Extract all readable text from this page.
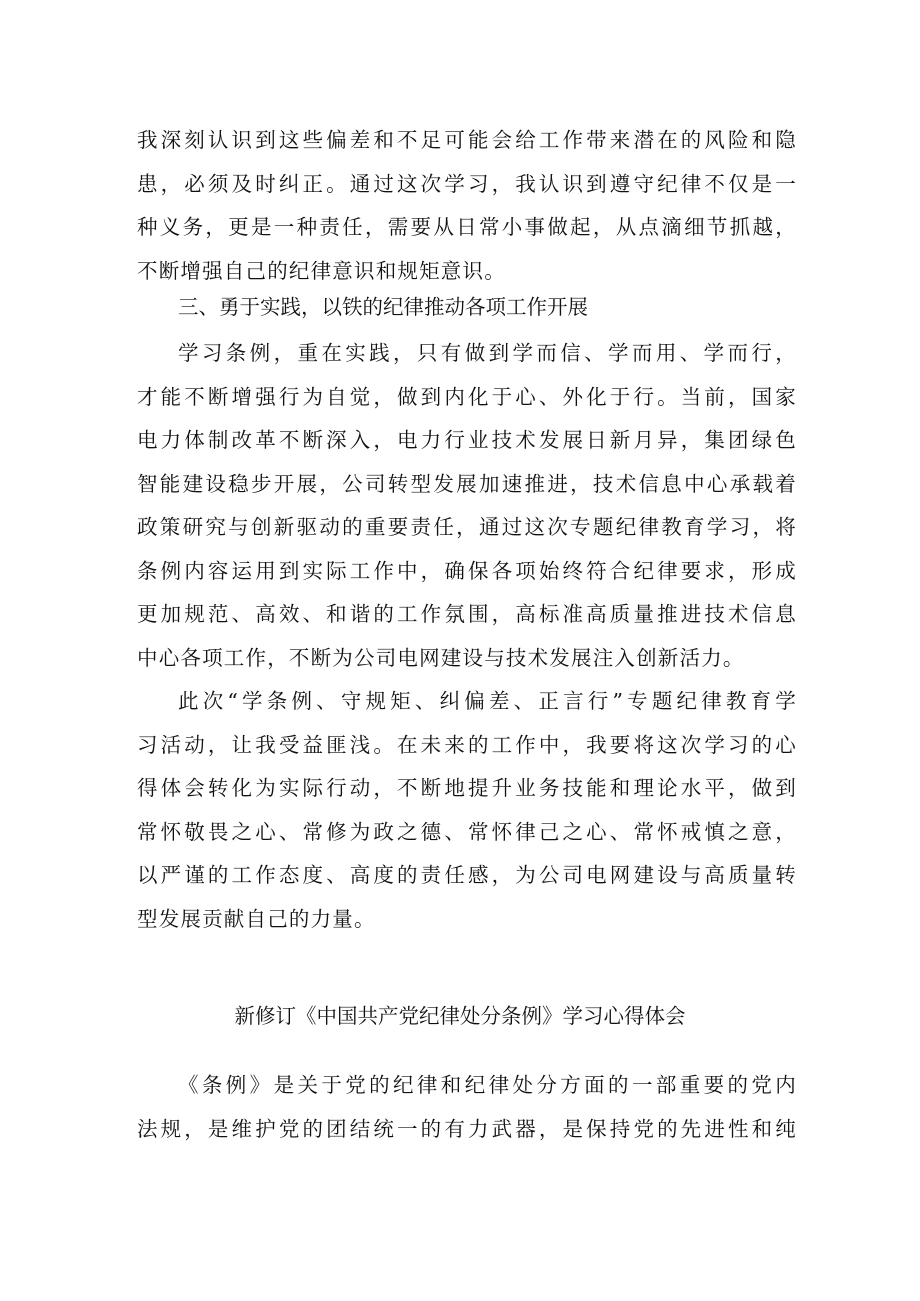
我深刻认识到这些偏差和不足可能会给工作带来潜在的风险和隐
患，必须及时纠正。通过这次学习，我认识到遵守纪律不仅是一
种义务，更是一种责任，需要从日常小事做起，从点滴细节抓越，
不断增强自己的纪律意识和规矩意识。
三、勇于实践，以铁的纪律推动各项工作开展
学习条例，重在实践，只有做到学而信、学而用、学而行，
才能不断增强行为自觉，做到内化于心、外化于行。当前，国家
电力体制改革不断深入，电力行业技术发展日新月异，集团绿色
智能建设稳步开展，公司转型发展加速推进，技术信息中心承载着
政策研究与创新驱动的重要责任，通过这次专题纪律教育学习，将
条例内容运用到实际工作中，确保各项始终符合纪律要求，形成
更加规范、高效、和谐的工作氛围，高标准高质量推进技术信息
中心各项工作，不断为公司电网建设与技术发展注入创新活力。
此次“学条例、守规矩、纠偏差、正言行”专题纪律教育学
习活动，让我受益匪浅。在未来的工作中，我要将这次学习的心
得体会转化为实际行动，不断地提升业务技能和理论水平，做到
常怀敬畏之心、常修为政之德、常怀律己之心、常怀戒慎之意，
以严谨的工作态度、高度的责任感，为公司电网建设与高质量转
型发展贡献自己的力量。
新修订《中国共产党纪律处分条例》学习心得体会
《条例》是关于党的纪律和纪律处分方面的一部重要的党内
法规，是维护党的团结统一的有力武器，是保持党的先进性和纯
